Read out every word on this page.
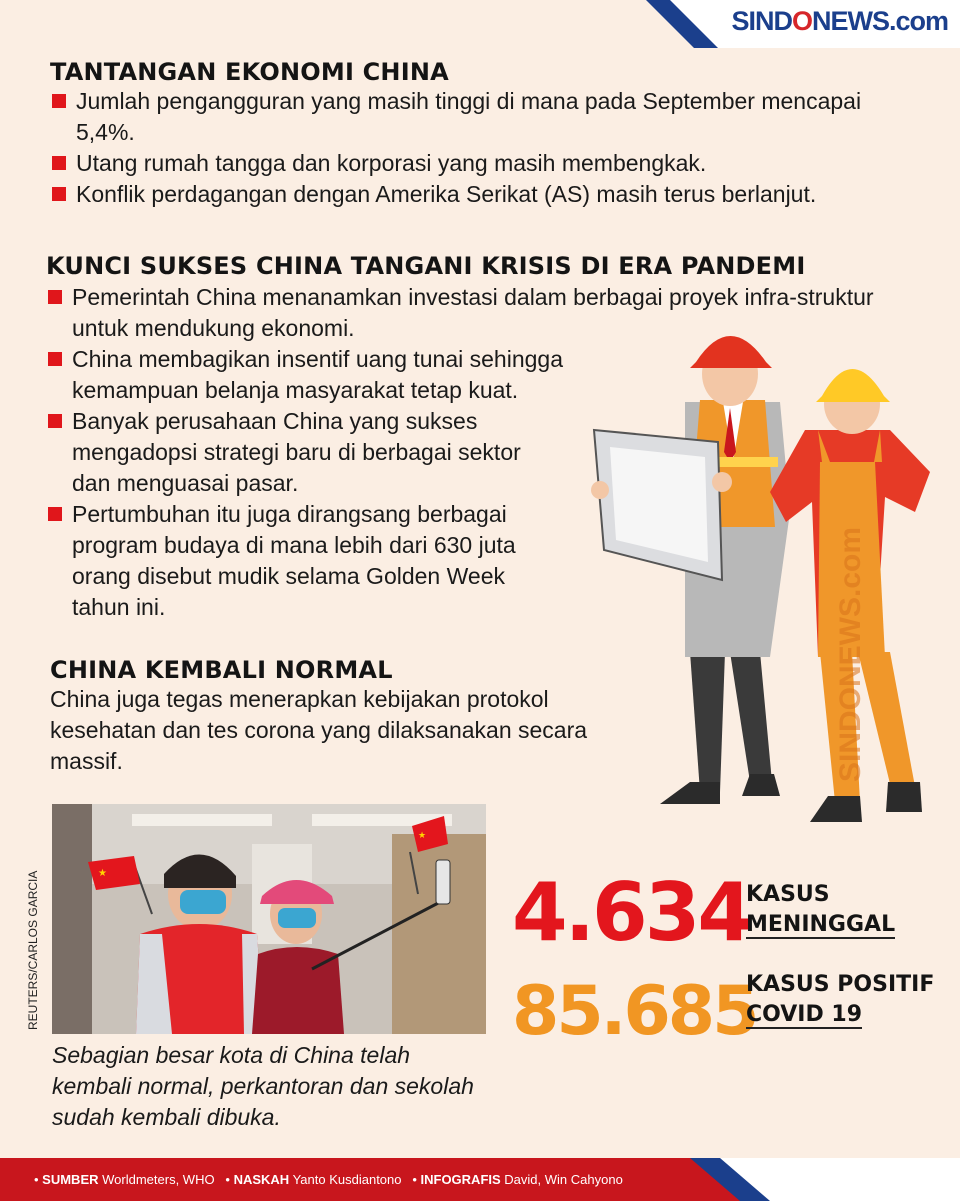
SINDONEWS.com
TANTANGAN EKONOMI CHINA
Jumlah pengangguran yang masih tinggi di mana pada September mencapai 5,4%.
Utang rumah tangga dan korporasi yang masih membengkak.
Konflik perdagangan dengan Amerika Serikat (AS) masih terus berlanjut.
KUNCI SUKSES CHINA TANGANI KRISIS DI ERA PANDEMI
Pemerintah China menanamkan investasi dalam berbagai proyek infra-struktur untuk mendukung ekonomi.
China membagikan insentif uang tunai sehingga kemampuan belanja masyarakat tetap kuat.
Banyak perusahaan China yang sukses mengadopsi strategi baru di berbagai sektor dan menguasai pasar.
Pertumbuhan itu juga dirangsang berbagai program budaya di mana lebih dari 630 juta orang disebut mudik selama Golden Week tahun ini.
CHINA KEMBALI NORMAL
China juga tegas menerapkan kebijakan protokol kesehatan dan tes corona yang dilaksanakan secara massif.	SINDONEWS.com
REUTERS/CARLOS GARCIA	★
★
Sebagian besar kota di China telah kembali normal, perkantoran dan sekolah sudah kembali dibuka.
4.634
KASUS
MENINGGAL
85.685
KASUS POSITIF
COVID 19
• SUMBER Worldmeters, WHO   • NASKAH Yanto Kusdiantono   • INFOGRAFIS David, Win Cahyono
